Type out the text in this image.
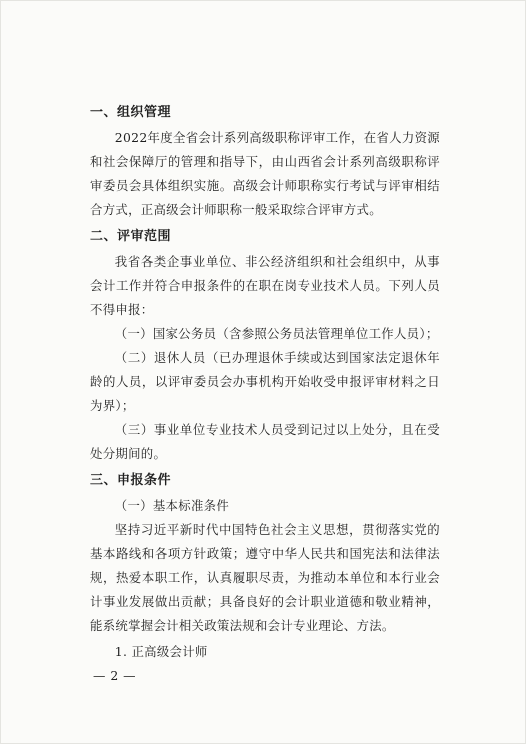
一、组织管理

2022年度全省会计系列高级职称评审工作，在省人力资源和社会保障厅的管理和指导下，由山西省会计系列高级职称评审委员会具体组织实施。高级会计师职称实行考试与评审相结合方式，正高级会计师职称一般采取综合评审方式。

二、评审范围

我省各类企事业单位、非公经济组织和社会组织中，从事会计工作并符合申报条件的在职在岗专业技术人员。下列人员不得申报：

（一）国家公务员（含参照公务员法管理单位工作人员）；

（二）退休人员（已办理退休手续或达到国家法定退休年龄的人员，以评审委员会办事机构开始收受申报评审材料之日为界）；

（三）事业单位专业技术人员受到记过以上处分，且在受处分期间的。

三、申报条件
（一）基本标准条件

坚持习近平新时代中国特色社会主义思想，贯彻落实党的基本路线和各项方针政策；遵守中华人民共和国宪法和法律法规，热爱本职工作，认真履职尽责，为推动本单位和本行业会计事业发展做出贡献；具备良好的会计职业道德和敬业精神，能系统掌握会计相关政策法规和会计专业理论、方法。

1. 正高级会计师
— 2 —
